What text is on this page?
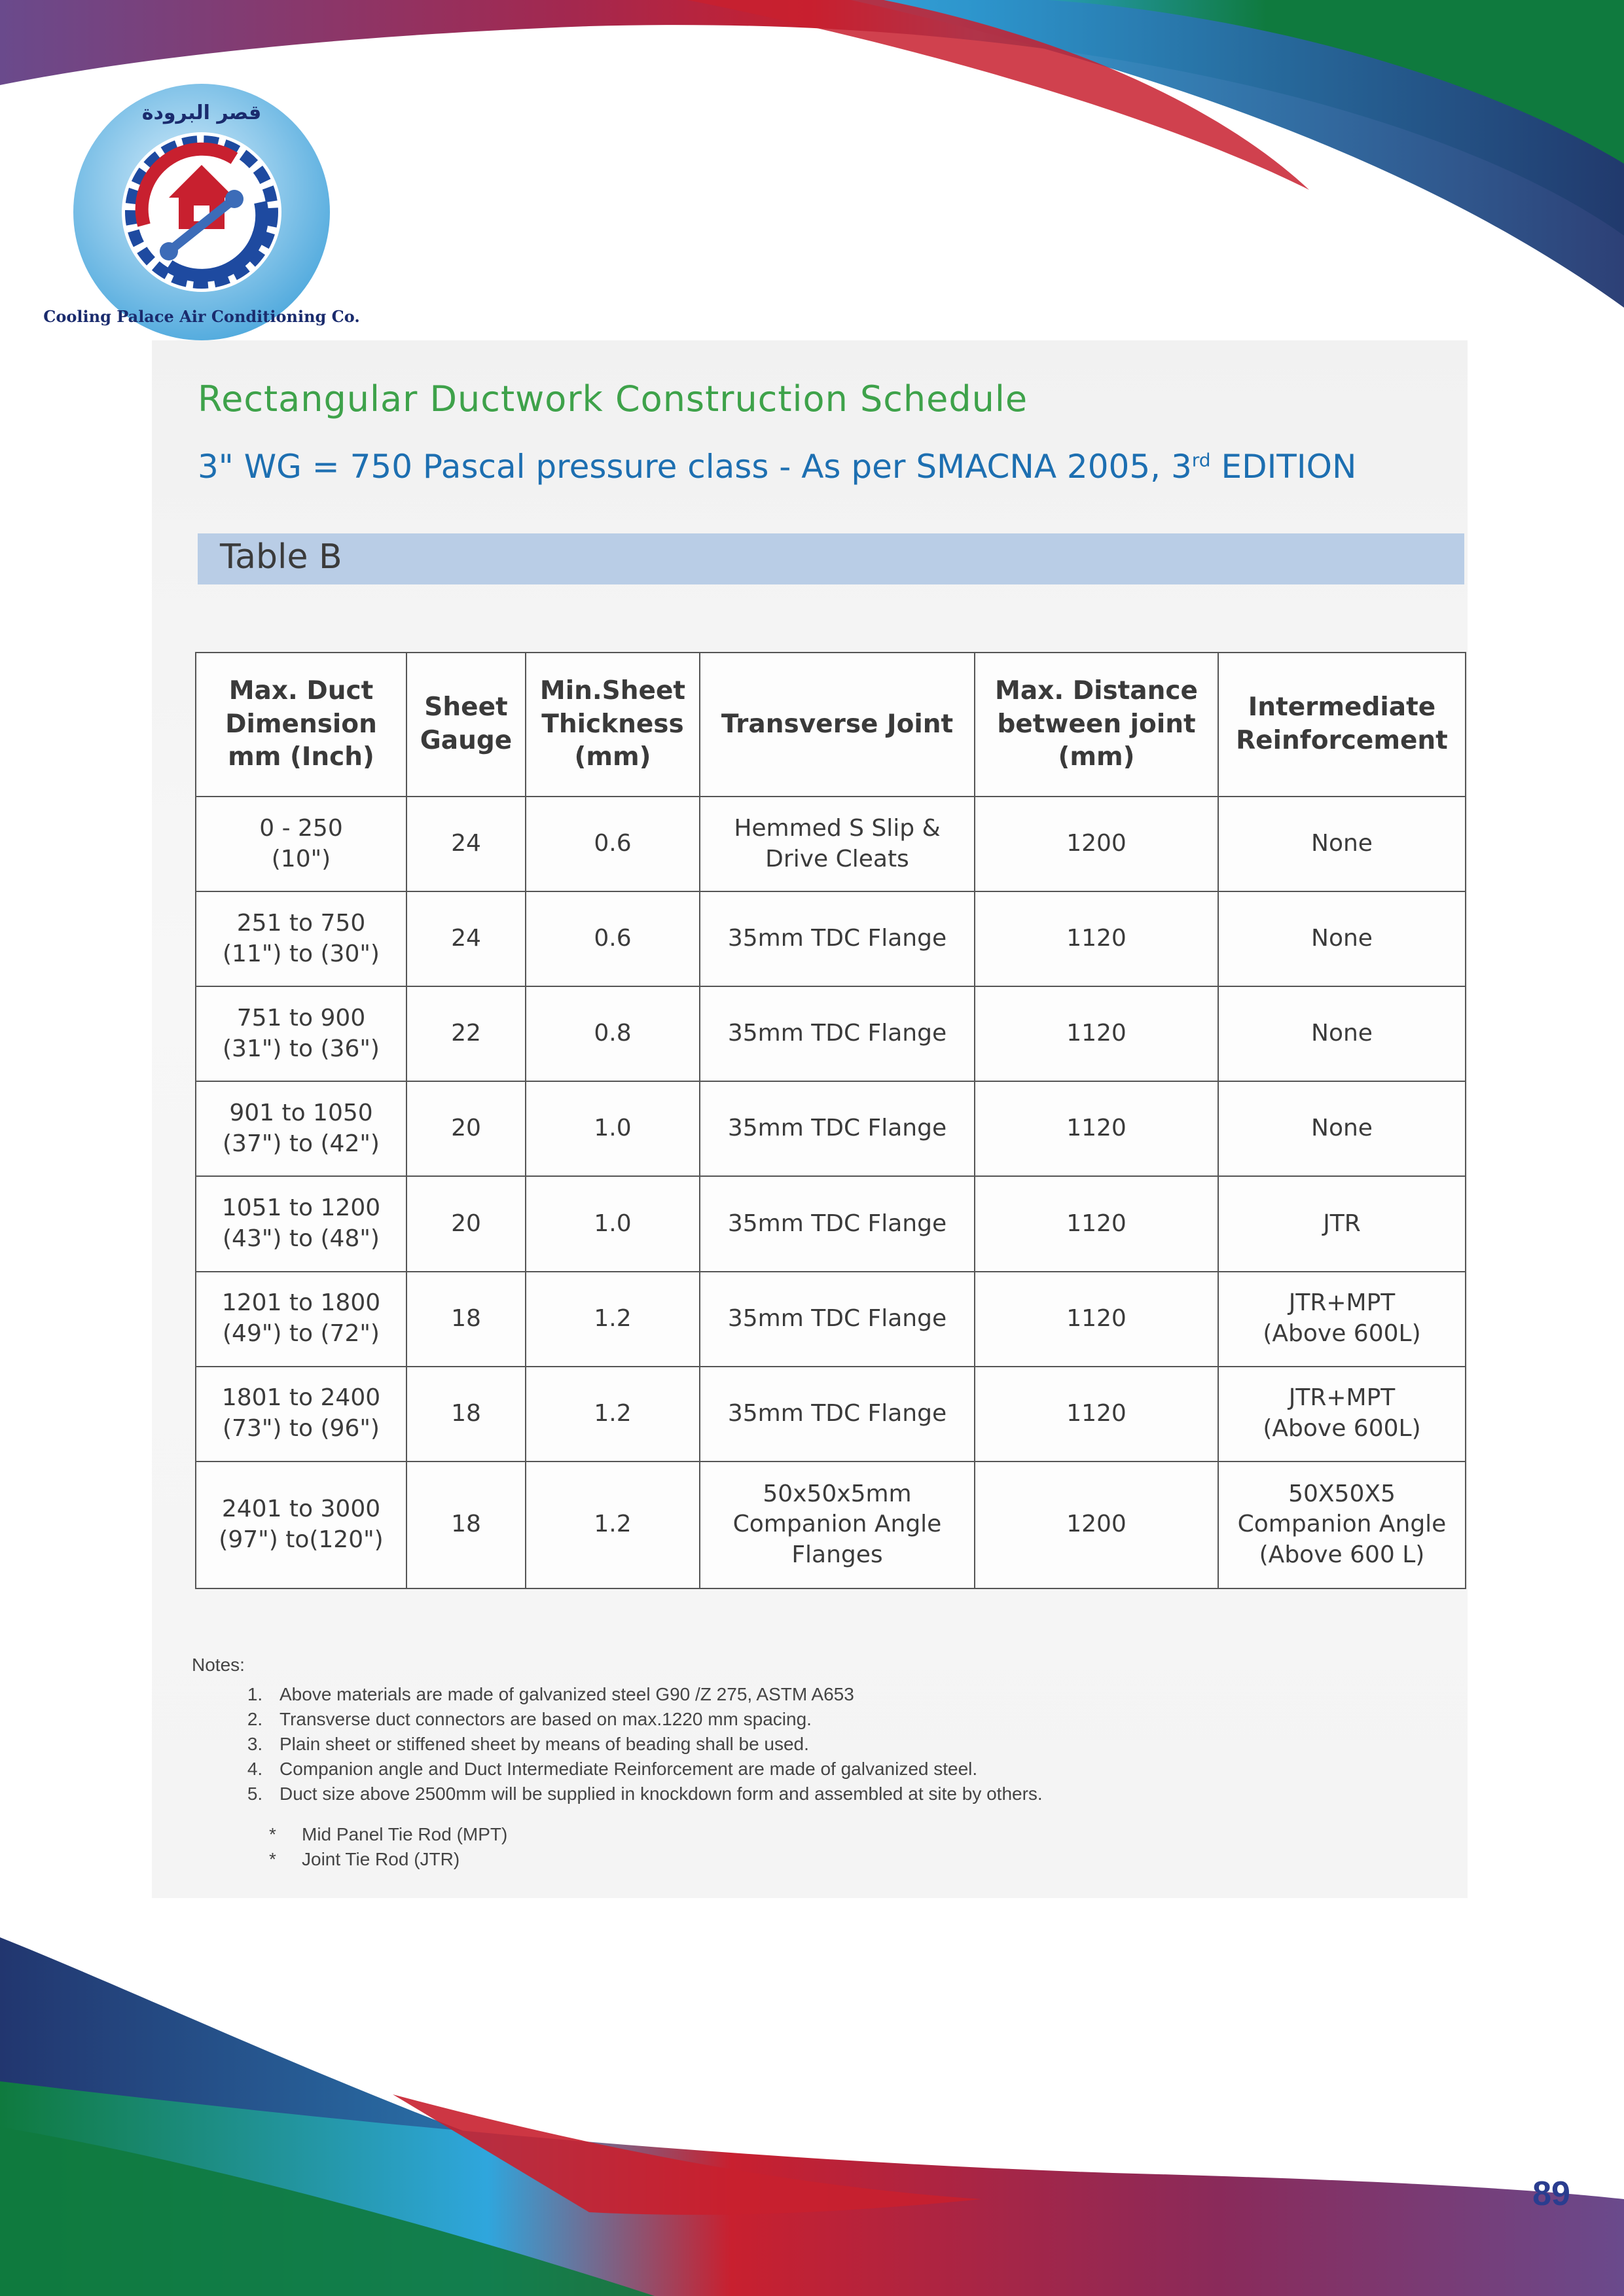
قصر البرودة
Cooling Palace Air Conditioning Co.
Rectangular Ductwork Construction Schedule
3" WG = 750 Pascal pressure class - As per SMACNA 2005, 3rd EDITION
Table B
Max. Duct
Dimension
mm (Inch)	Sheet
Gauge	Min.Sheet
Thickness
(mm)	Transverse Joint	Max. Distance
between joint
(mm)	Intermediate
Reinforcement
0 - 250
(10")	24	0.6	Hemmed S Slip &
Drive Cleats	1200	None
251 to 750
(11") to (30")	24	0.6	35mm TDC Flange	1120	None
751 to 900
(31") to (36")	22	0.8	35mm TDC Flange	1120	None
901 to 1050
(37") to (42")	20	1.0	35mm TDC Flange	1120	None
1051 to 1200
(43") to (48")	20	1.0	35mm TDC Flange	1120	JTR
1201 to 1800
(49") to (72")	18	1.2	35mm TDC Flange	1120	JTR+MPT
(Above 600L)
1801 to 2400
(73") to (96")	18	1.2	35mm TDC Flange	1120	JTR+MPT
(Above 600L)
2401 to 3000
(97") to(120")	18	1.2	50x50x5mm
Companion Angle
Flanges	1200	50X50X5
Companion Angle
(Above 600 L)

Notes:

1. Above materials are made of galvanized steel G90 /Z 275, ASTM A653
2. Transverse duct connectors are based on max.1220 mm spacing.
3. Plain sheet or stiffened sheet by means of beading shall be used.
4. Companion angle and Duct Intermediate Reinforcement are made of galvanized steel.
5. Duct size above 2500mm will be supplied in knockdown form and assembled at site by others.
* Mid Panel Tie Rod (MPT)
* Joint Tie Rod (JTR)
89
